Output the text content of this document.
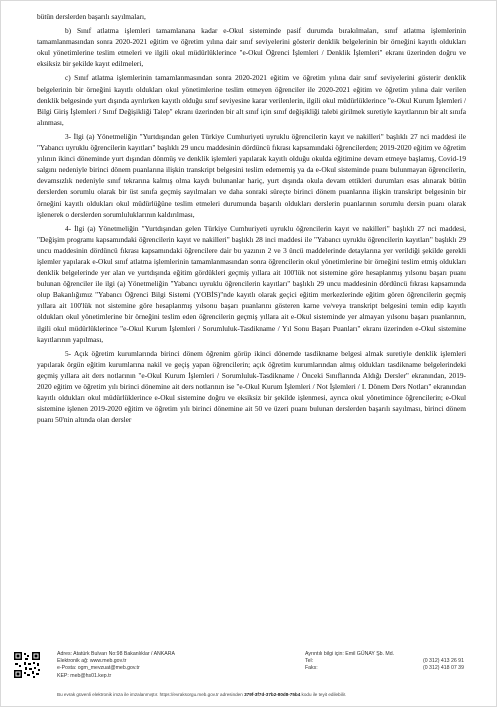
bütün derslerden başarılı sayılmaları,

b) Sınıf atlatma işlemleri tamamlanana kadar e-Okul sisteminde pasif durumda bırakılmaları, sınıf atlatma işlemlerinin tamamlanmasından sonra 2020-2021 eğitim ve öğretim yılına dair sınıf seviyelerini gösterir denklik belgelerinin bir örneğini kayıtlı oldukları okul yönetimlerine teslim etmeleri ve ilgili okul müdürlüklerince "e-Okul Öğrenci İşlemleri / Denklik İşlemleri" ekranı üzerinden doğru ve eksiksiz bir şekilde kayıt edilmeleri,

c) Sınıf atlatma işlemlerinin tamamlanmasından sonra 2020-2021 eğitim ve öğretim yılına dair sınıf seviyelerini gösterir denklik belgelerinin bir örneğini kayıtlı oldukları okul yönetimlerine teslim etmeyen öğrenciler ile 2020-2021 eğitim ve öğretim yılına dair verilen denklik belgesinde yurt dışında ayrılırken kayıtlı olduğu sınıf seviyesine karar verilenlerin, ilgili okul müdürlüklerince "e-Okul Kurum İşlemleri / Bilgi Giriş İşlemleri / Sınıf Değişikliği Talep" ekranı üzerinden bir alt sınıf için sınıf değişikliği talebi girilmek suretiyle kayıtlarının bir alt sınıfa alınması,

3- İlgi (a) Yönetmeliğin "Yurtdışından gelen Türkiye Cumhuriyeti uyruklu öğrencilerin kayıt ve nakilleri" başlıklı 27 nci maddesi ile "Yabancı uyruklu öğrencilerin kayıtları" başlıklı 29 uncu maddesinin dördüncü fıkrası kapsamındaki öğrencilerden; 2019-2020 eğitim ve öğretim yılının ikinci döneminde yurt dışından dönmüş ve denklik işlemleri yapılarak kayıtlı olduğu okulda eğitimine devam etmeye başlamış, Covid-19 salgını nedeniyle birinci dönem puanlarına ilişkin transkript belgesini teslim edememiş ya da e-Okul sisteminde puanı bulunmayan öğrencilerin, devamsızlık nedeniyle sınıf tekrarına kalmış olma kaydı bulunanlar hariç, yurt dışında okula devam ettikleri durumları esas alınarak bütün derslerden sorumlu olarak bir üst sınıfa geçmiş sayılmaları ve daha sonraki süreçte birinci dönem puanlarına ilişkin transkript belgesinin bir örneğini kayıtlı oldukları okul müdürlüğüne teslim etmeleri durumunda başarılı oldukları derslerin puanlarının sorumlu dersin puanı olarak işlenerek o derslerden sorumluluklarının kaldırılması,

4- İlgi (a) Yönetmeliğin "Yurtdışından gelen Türkiye Cumhuriyeti uyruklu öğrencilerin kayıt ve nakilleri" başlıklı 27 nci maddesi, "Değişim programı kapsamındaki öğrencilerin kayıt ve nakilleri" başlıklı 28 inci maddesi ile "Yabancı uyruklu öğrencilerin kayıtları" başlıklı 29 uncu maddesinin dördüncü fıkrası kapsamındaki öğrencilere dair bu yazının 2 ve 3 üncü maddelerinde detaylarına yer verildiği şekilde gerekli işlemler yapılarak e-Okul sınıf atlatma işlemlerinin tamamlanmasından sonra öğrencilerin okul yönetimlerine bir örneğini teslim etmiş oldukları denklik belgelerinde yer alan ve yurtdışında eğitim gördükleri geçmiş yıllara ait 100'lük not sistemine göre hesaplanmış yılsonu başarı puanı bulunan öğrenciler ile ilgi (a) Yönetmeliğin "Yabancı uyruklu öğrencilerin kayıtları" başlıklı 29 uncu maddesinin dördüncü fıkrası kapsamında olup Bakanlığımız "Yabancı Öğrenci Bilgi Sistemi (YOBİS)"nde kayıtlı olarak geçici eğitim merkezlerinde eğitim gören öğrencilerin geçmiş yıllara ait 100'lük not sistemine göre hesaplanmış yılsonu başarı puanlarını gösteren karne ve/veya transkript belgesini temin edip kayıtlı oldukları okul yönetimlerine bir örneğini teslim eden öğrencilerin geçmiş yıllara ait e-Okul sisteminde yer almayan yılsonu başarı puanlarının, ilgili okul müdürlüklerince "e-Okul Kurum İşlemleri / Sorumluluk-Tasdikname / Yıl Sonu Başarı Puanları" ekranı üzerinden e-Okul sistemine kayıtlarının yapılması,

5- Açık öğretim kurumlarında birinci dönem öğrenim görüp ikinci dönemde tasdikname belgesi almak suretiyle denklik işlemleri yapılarak örgün eğitim kurumlarına nakil ve geçiş yapan öğrencilerin; açık öğretim kurumlarından almış oldukları tasdikname belgelerindeki geçmiş yıllara ait ders notlarının "e-Okul Kurum İşlemleri / Sorumluluk-Tasdikname / Önceki Sınıflarında Aldığı Dersler" ekranından, 2019-2020 eğitim ve öğretim yılı birinci dönemine ait ders notlarının ise "e-Okul Kurum İşlemleri / Not İşlemleri / I. Dönem Ders Notları" ekranından kayıtlı oldukları okul müdürlüklerince e-Okul sistemine doğru ve eksiksiz bir şekilde işlenmesi, ayrıca okul yönetimince öğrencilerin; e-Okul sistemine işlenen 2019-2020 eğitim ve öğretim yılı birinci dönemine ait 50 ve üzeri puanı bulunan derslerden başarılı sayılması, birinci dönem puanı 50'nin altında olan dersler

Adres: Atatürk Bulvarı No:98 Bakanlıklar / ANKARA
Elektronik ağ: www.meb.gov.tr
e-Posta: ogm_mevzuat@meb.gov.tr
KEP: meb@hs01.kep.tr
Ayrıntılı bilgi için: Emil GÜNAY Şb. Md.
Tel:	(0 312) 413 26 91
Faks:	(0 312) 418 07 39
Bu evrak güvenli elektronik imza ile imzalanmıştır. https://evraksorgu.meb.gov.tr adresinden 379f-3f7d-37b2-80d8-75b4 kodu ile teyit edilebilir.
